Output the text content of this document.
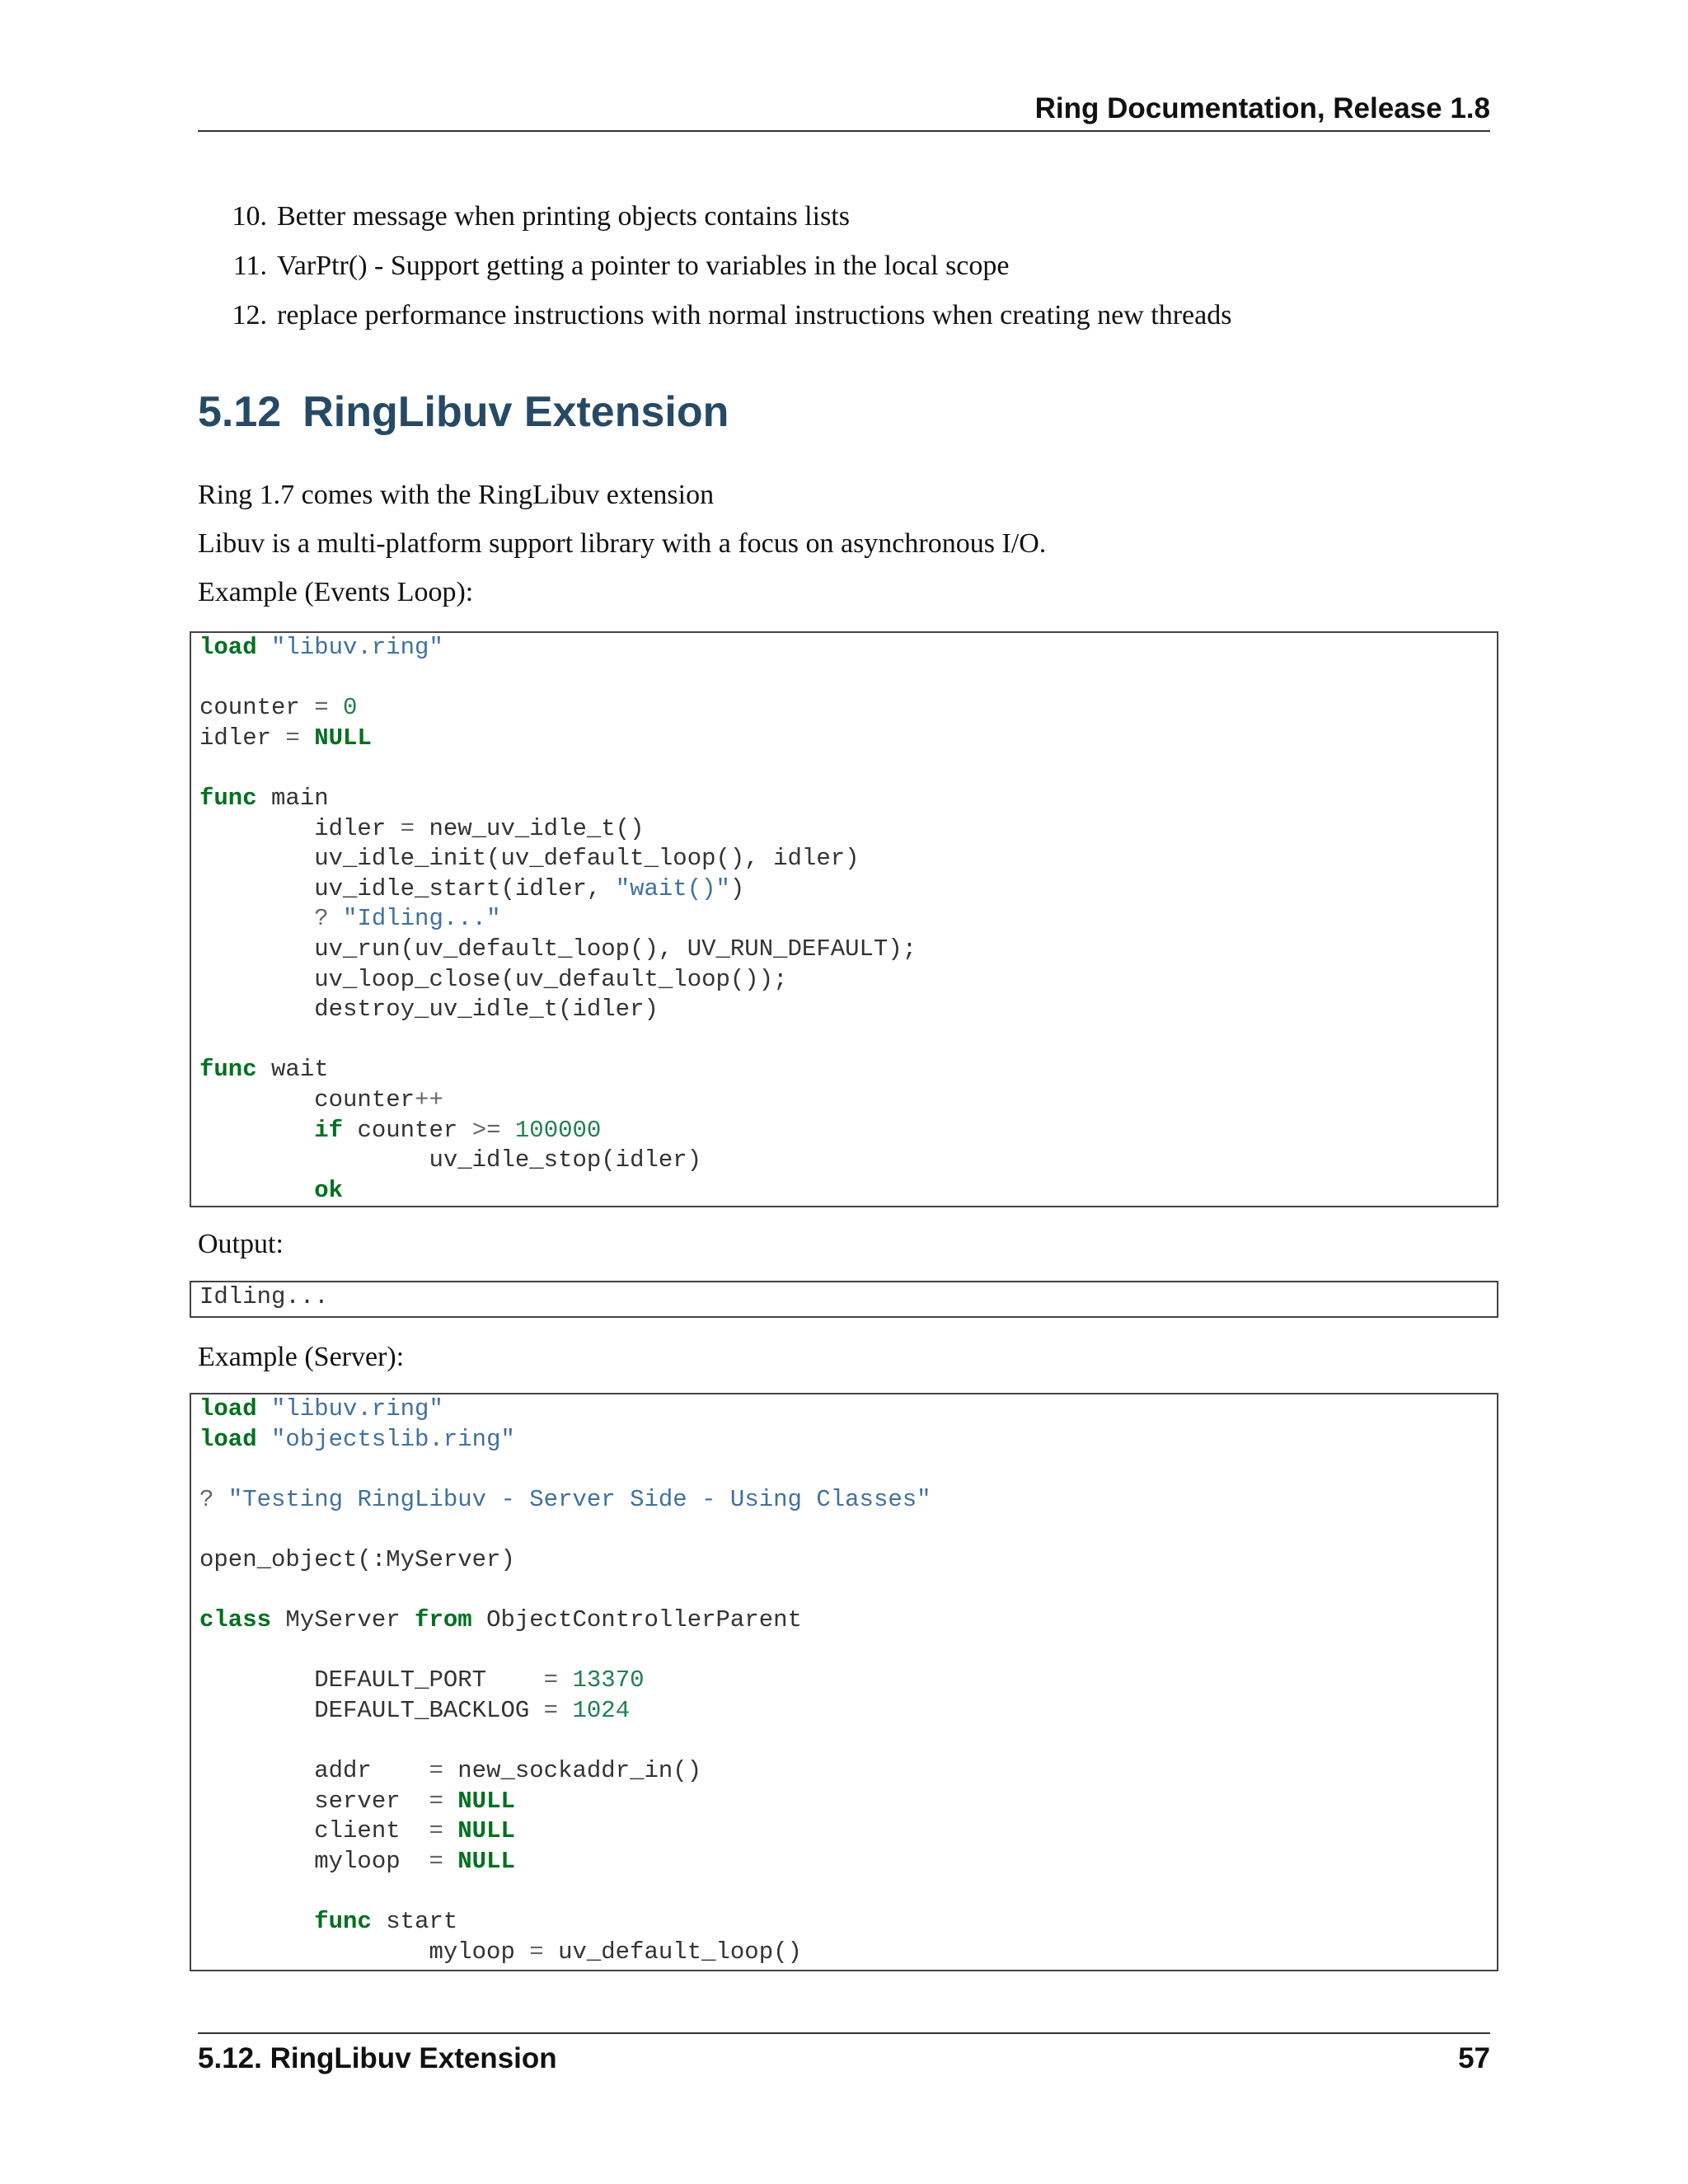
Ring Documentation, Release 1.8
10. Better message when printing objects contains lists
11. VarPtr() - Support getting a pointer to variables in the local scope
12. replace performance instructions with normal instructions when creating new threads
5.12 RingLibuv Extension
Ring 1.7 comes with the RingLibuv extension
Libuv is a multi-platform support library with a focus on asynchronous I/O.
Example (Events Loop):
load "libuv.ring"

counter = 0
idler = NULL

func main
idler = new_uv_idle_t()
uv_idle_init(uv_default_loop(), idler)
uv_idle_start(idler, "wait()")
? "Idling..."
uv_run(uv_default_loop(), UV_RUN_DEFAULT);
uv_loop_close(uv_default_loop());
destroy_uv_idle_t(idler)

func wait
counter++
if counter >= 100000
uv_idle_stop(idler)
ok
Output:
Idling...
Example (Server):
load "libuv.ring"
load "objectslib.ring"

? "Testing RingLibuv - Server Side - Using Classes"

open_object(:MyServer)

class MyServer from ObjectControllerParent

DEFAULT_PORT    = 13370
DEFAULT_BACKLOG = 1024

addr    = new_sockaddr_in()
server  = NULL
client  = NULL
myloop  = NULL

func start
myloop = uv_default_loop()
5.12. RingLibuv Extension	57
